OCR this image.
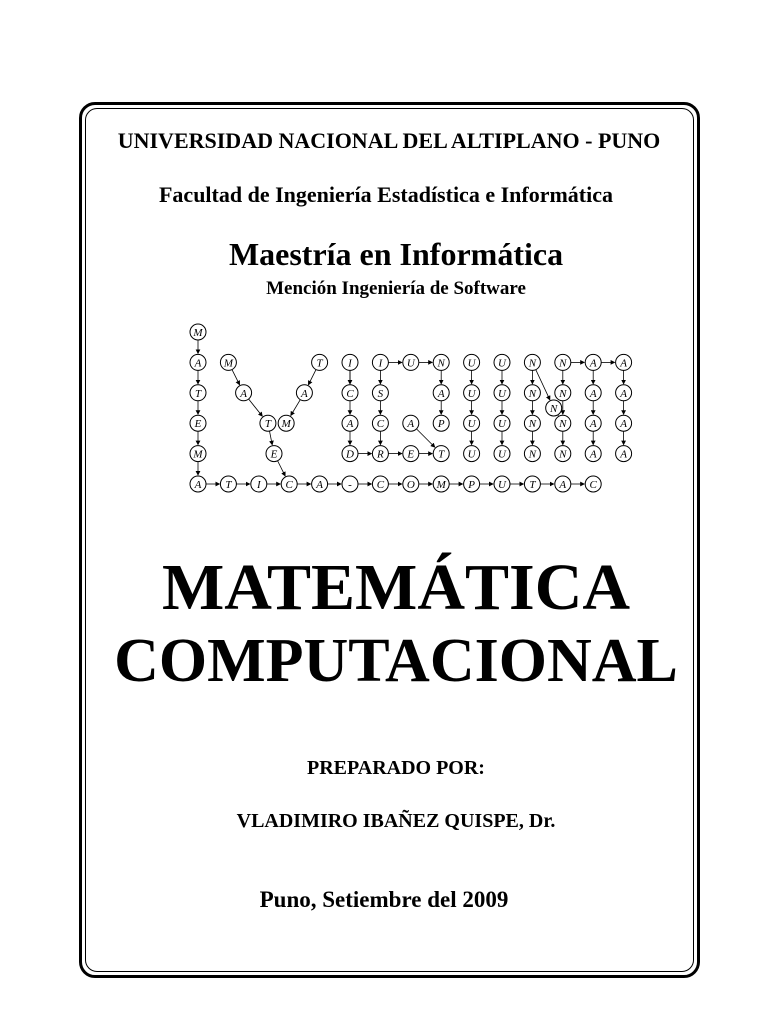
UNIVERSIDAD NACIONAL DEL ALTIPLANO - PUNO
Facultad de Ingeniería Estadística e Informática
Maestría en Informática
Mención Ingeniería de Software
M
A M	T I I U N U U N N A A
T	A	A	C S	A U U N N A A
N
E	T M	A C A P U U N N A A
M	E	D R E T U U N N A A
A T I C A - C O M P U T A C
MATEMÁTICA
COMPUTACIONAL
PREPARADO POR:
VLADIMIRO IBAÑEZ QUISPE, Dr.
Puno, Setiembre del 2009
